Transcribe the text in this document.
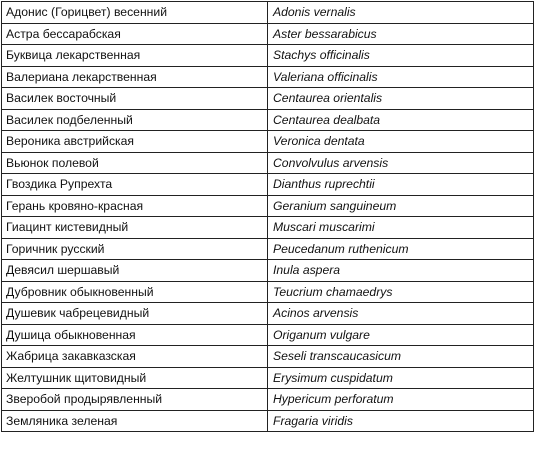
Адонис (Горицвет) весенний	Adonis vernalis
Астра бессарабская	Aster bessarabicus
Буквица лекарственная	Stachys officinalis
Валериана лекарственная	Valeriana officinalis
Василек восточный	Centaurea orientalis
Василек подбеленный	Centaurea dealbata
Вероника австрийская	Veronica dentata
Вьюнок полевой	Convolvulus arvensis
Гвоздика Рупрехта	Dianthus ruprechtii
Герань кровяно-красная	Geranium sanguineum
Гиацинт кистевидный	Muscari muscarimi
Горичник русский	Peucedanum ruthenicum
Девясил шершавый	Inula aspera
Дубровник обыкновенный	Teucrium chamaedrys
Душевик чабрецевидный	Acinos arvensis
Душица обыкновенная	Origanum vulgare
Жабрица закавказская	Seseli transcaucasicum
Желтушник щитовидный	Erysimum cuspidatum
Зверобой продырявленный	Hypericum perforatum
Земляника зеленая	Fragaria viridis
